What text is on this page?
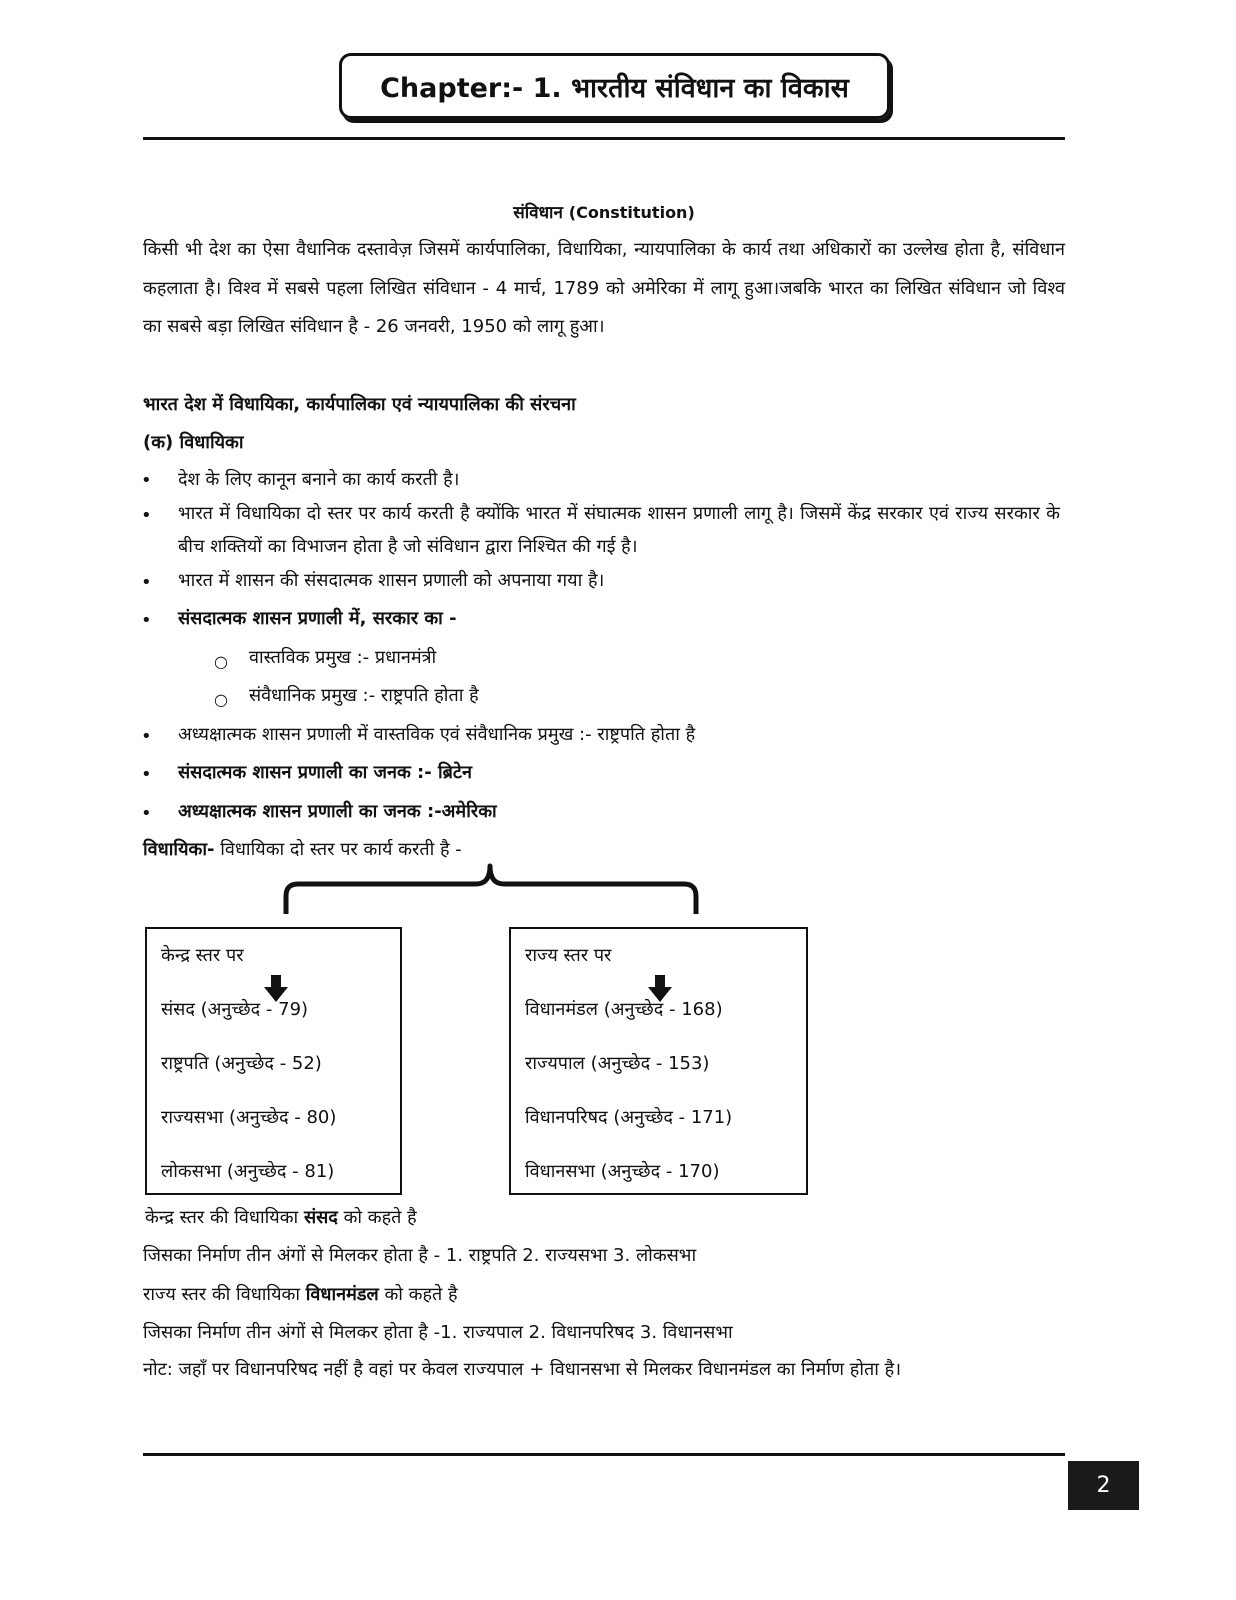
Chapter:- 1. भारतीय संविधान का विकास
संविधान (Constitution)
किसी भी देश का ऐसा वैधानिक दस्तावेज़ जिसमें कार्यपालिका, विधायिका, न्यायपालिका के कार्य तथा अधिकारों का उल्लेख होता है, संविधान कहलाता है। विश्व में सबसे पहला लिखित संविधान - 4 मार्च, 1789 को अमेरिका में लागू हुआ।जबकि भारत का लिखित संविधान जो विश्व का सबसे बड़ा लिखित संविधान है - 26 जनवरी, 1950 को लागू हुआ।
भारत देश में विधायिका, कार्यपालिका एवं न्यायपालिका की संरचना
(क) विधायिका
• देश के लिए कानून बनाने का कार्य करती है।
• भारत में विधायिका दो स्तर पर कार्य करती है क्योंकि भारत में संघात्मक शासन प्रणाली लागू है। जिसमें केंद्र सरकार एवं राज्य सरकार के बीच शक्तियों का विभाजन होता है जो संविधान द्वारा निश्चित की गई है।
• भारत में शासन की संसदात्मक शासन प्रणाली को अपनाया गया है।
• संसदात्मक शासन प्रणाली में, सरकार का -
○ वास्तविक प्रमुख :- प्रधानमंत्री
○ संवैधानिक प्रमुख :- राष्ट्रपति होता है
• अध्यक्षात्मक शासन प्रणाली में वास्तविक एवं संवैधानिक प्रमुख :- राष्ट्रपति होता है
• संसदात्मक शासन प्रणाली का जनक :- ब्रिटेन
• अध्यक्षात्मक शासन प्रणाली का जनक :-अमेरिका
विधायिका- विधायिका दो स्तर पर कार्य करती है -
केन्द्र स्तर पर
संसद (अनुच्छेद - 79)
राष्ट्रपति (अनुच्छेद - 52)
राज्यसभा (अनुच्छेद - 80)
लोकसभा (अनुच्छेद - 81)
राज्य स्तर पर
विधानमंडल (अनुच्छेद - 168)
राज्यपाल (अनुच्छेद - 153)
विधानपरिषद (अनुच्छेद - 171)
विधानसभा (अनुच्छेद - 170)
केन्द्र स्तर की विधायिका संसद को कहते है
जिसका निर्माण तीन अंगों से मिलकर होता है - 1. राष्ट्रपति 2. राज्यसभा 3. लोकसभा
राज्य स्तर की विधायिका विधानमंडल को कहते है
जिसका निर्माण तीन अंगों से मिलकर होता है -1. राज्यपाल 2. विधानपरिषद 3. विधानसभा
नोट: जहाँ पर विधानपरिषद नहीं है वहां पर केवल राज्यपाल + विधानसभा से मिलकर विधानमंडल का निर्माण होता है।
2
